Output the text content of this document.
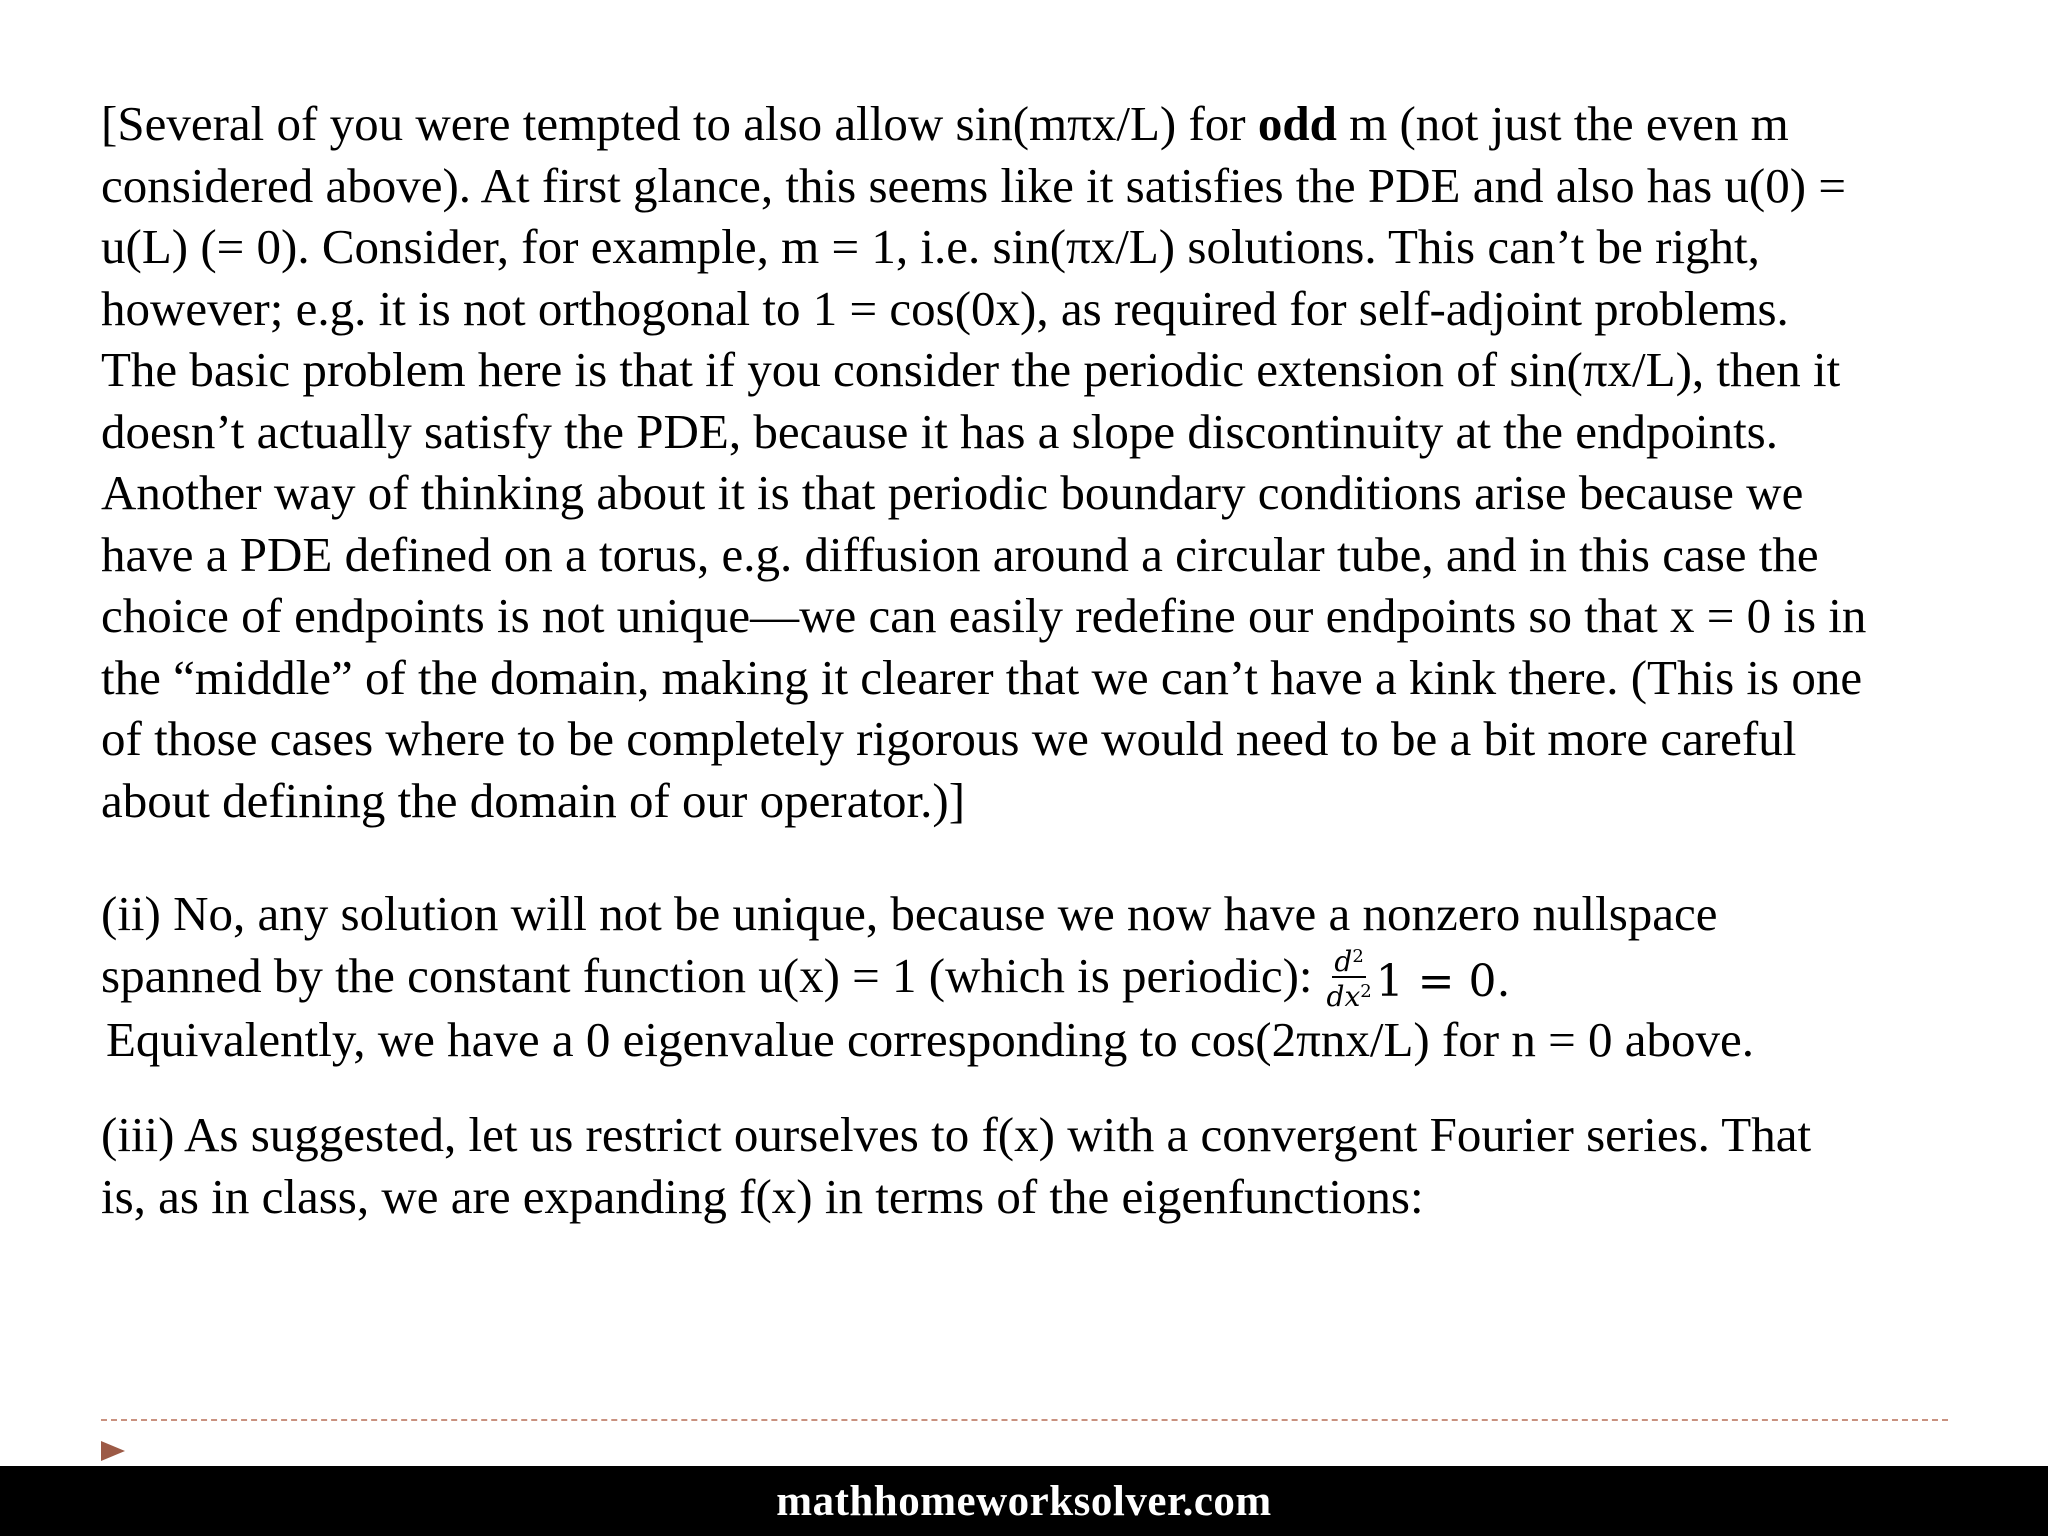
[Several of you were tempted to also allow sin(mπx/L) for odd m (not just the even m
considered above). At first glance, this seems like it satisfies the PDE and also has u(0) =
u(L) (= 0). Consider, for example, m = 1, i.e. sin(πx/L) solutions. This can’t be right,
however; e.g. it is not orthogonal to 1 = cos(0x), as required for self-adjoint problems.
The basic problem here is that if you consider the periodic extension of sin(πx/L), then it
doesn’t actually satisfy the PDE, because it has a slope discontinuity at the endpoints.
Another way of thinking about it is that periodic boundary conditions arise because we
have a PDE defined on a torus, e.g. diffusion around a circular tube, and in this case the
choice of endpoints is not unique—we can easily redefine our endpoints so that x = 0 is in
the “middle” of the domain, making it clearer that we can’t have a kink there. (This is one
of those cases where to be completely rigorous we would need to be a bit more careful
about defining the domain of our operator.)]

(ii) No, any solution will not be unique, because we now have a nonzero nullspace
spanned by the constant function u(x) = 1 (which is periodic): $\frac{d^2}{dx^2} 1 = 0$.
Equivalently, we have a 0 eigenvalue corresponding to cos(2πnx/L) for n = 0 above.

(iii) As suggested, let us restrict ourselves to f(x) with a convergent Fourier series. That
is, as in class, we are expanding f(x) in terms of the eigenfunctions:

mathhomeworksolver.com
